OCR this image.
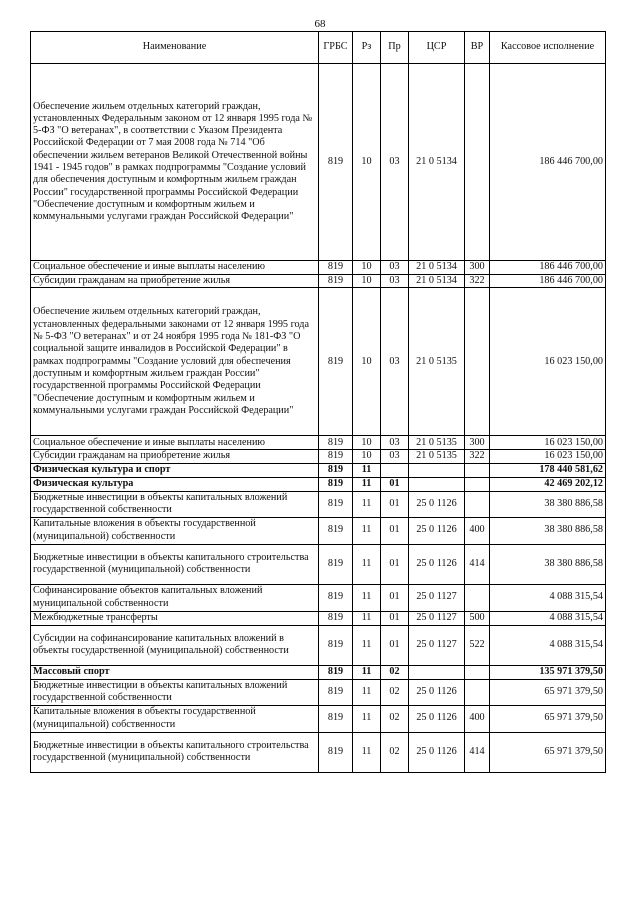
68
Наименование	ГРБС	Рз	Пр	ЦСР	ВР	Кассовое исполнение
Обеспечение жильем отдельных категорий граждан, установленных Федеральным законом от 12 января 1995 года № 5-ФЗ "О ветеранах", в соответствии с Указом Президента Российской Федерации от 7 мая 2008 года № 714 "Об обеспечении жильем ветеранов Великой Отечественной войны 1941 - 1945 годов" в рамках подпрограммы "Создание условий для обеспечения доступным и комфортным жильем граждан России" государственной программы Российской Федерации "Обеспечение доступным и комфортным жильем и коммунальными услугами граждан Российской Федерации"	819	10	03	21 0 5134		186 446 700,00
Социальное обеспечение и иные выплаты населению	819	10	03	21 0 5134	300	186 446 700,00
Субсидии гражданам на приобретение жилья	819	10	03	21 0 5134	322	186 446 700,00
Обеспечение жильем отдельных категорий граждан, установленных федеральными законами от 12 января 1995 года № 5-ФЗ "О ветеранах" и от 24 ноября 1995 года № 181-ФЗ "О социальной защите инвалидов в Российской Федерации" в рамках подпрограммы "Создание условий для обеспечения доступным и комфортным жильем граждан России" государственной программы Российской Федерации "Обеспечение доступным и комфортным жильем и коммунальными услугами граждан Российской Федерации"	819	10	03	21 0 5135		16 023 150,00
Социальное обеспечение и иные выплаты населению	819	10	03	21 0 5135	300	16 023 150,00
Субсидии гражданам на приобретение жилья	819	10	03	21 0 5135	322	16 023 150,00
Физическая культура и спорт	819	11				178 440 581,62
Физическая культура	819	11	01			42 469 202,12
Бюджетные инвестиции в объекты капитальных вложений государственной собственности	819	11	01	25 0 1126		38 380 886,58
Капитальные вложения в объекты государственной (муниципальной) собственности	819	11	01	25 0 1126	400	38 380 886,58
Бюджетные инвестиции в объекты капитального строительства государственной (муниципальной) собственности	819	11	01	25 0 1126	414	38 380 886,58
Софинансирование объектов капитальных вложений муниципальной собственности	819	11	01	25 0 1127		4 088 315,54
Межбюджетные трансферты	819	11	01	25 0 1127	500	4 088 315,54
Субсидии на софинансирование капитальных вложений в объекты государственной (муниципальной) собственности	819	11	01	25 0 1127	522	4 088 315,54
Массовый спорт	819	11	02			135 971 379,50
Бюджетные инвестиции в объекты капитальных вложений государственной собственности	819	11	02	25 0 1126		65 971 379,50
Капитальные вложения в объекты государственной (муниципальной) собственности	819	11	02	25 0 1126	400	65 971 379,50
Бюджетные инвестиции в объекты капитального строительства государственной (муниципальной) собственности	819	11	02	25 0 1126	414	65 971 379,50
